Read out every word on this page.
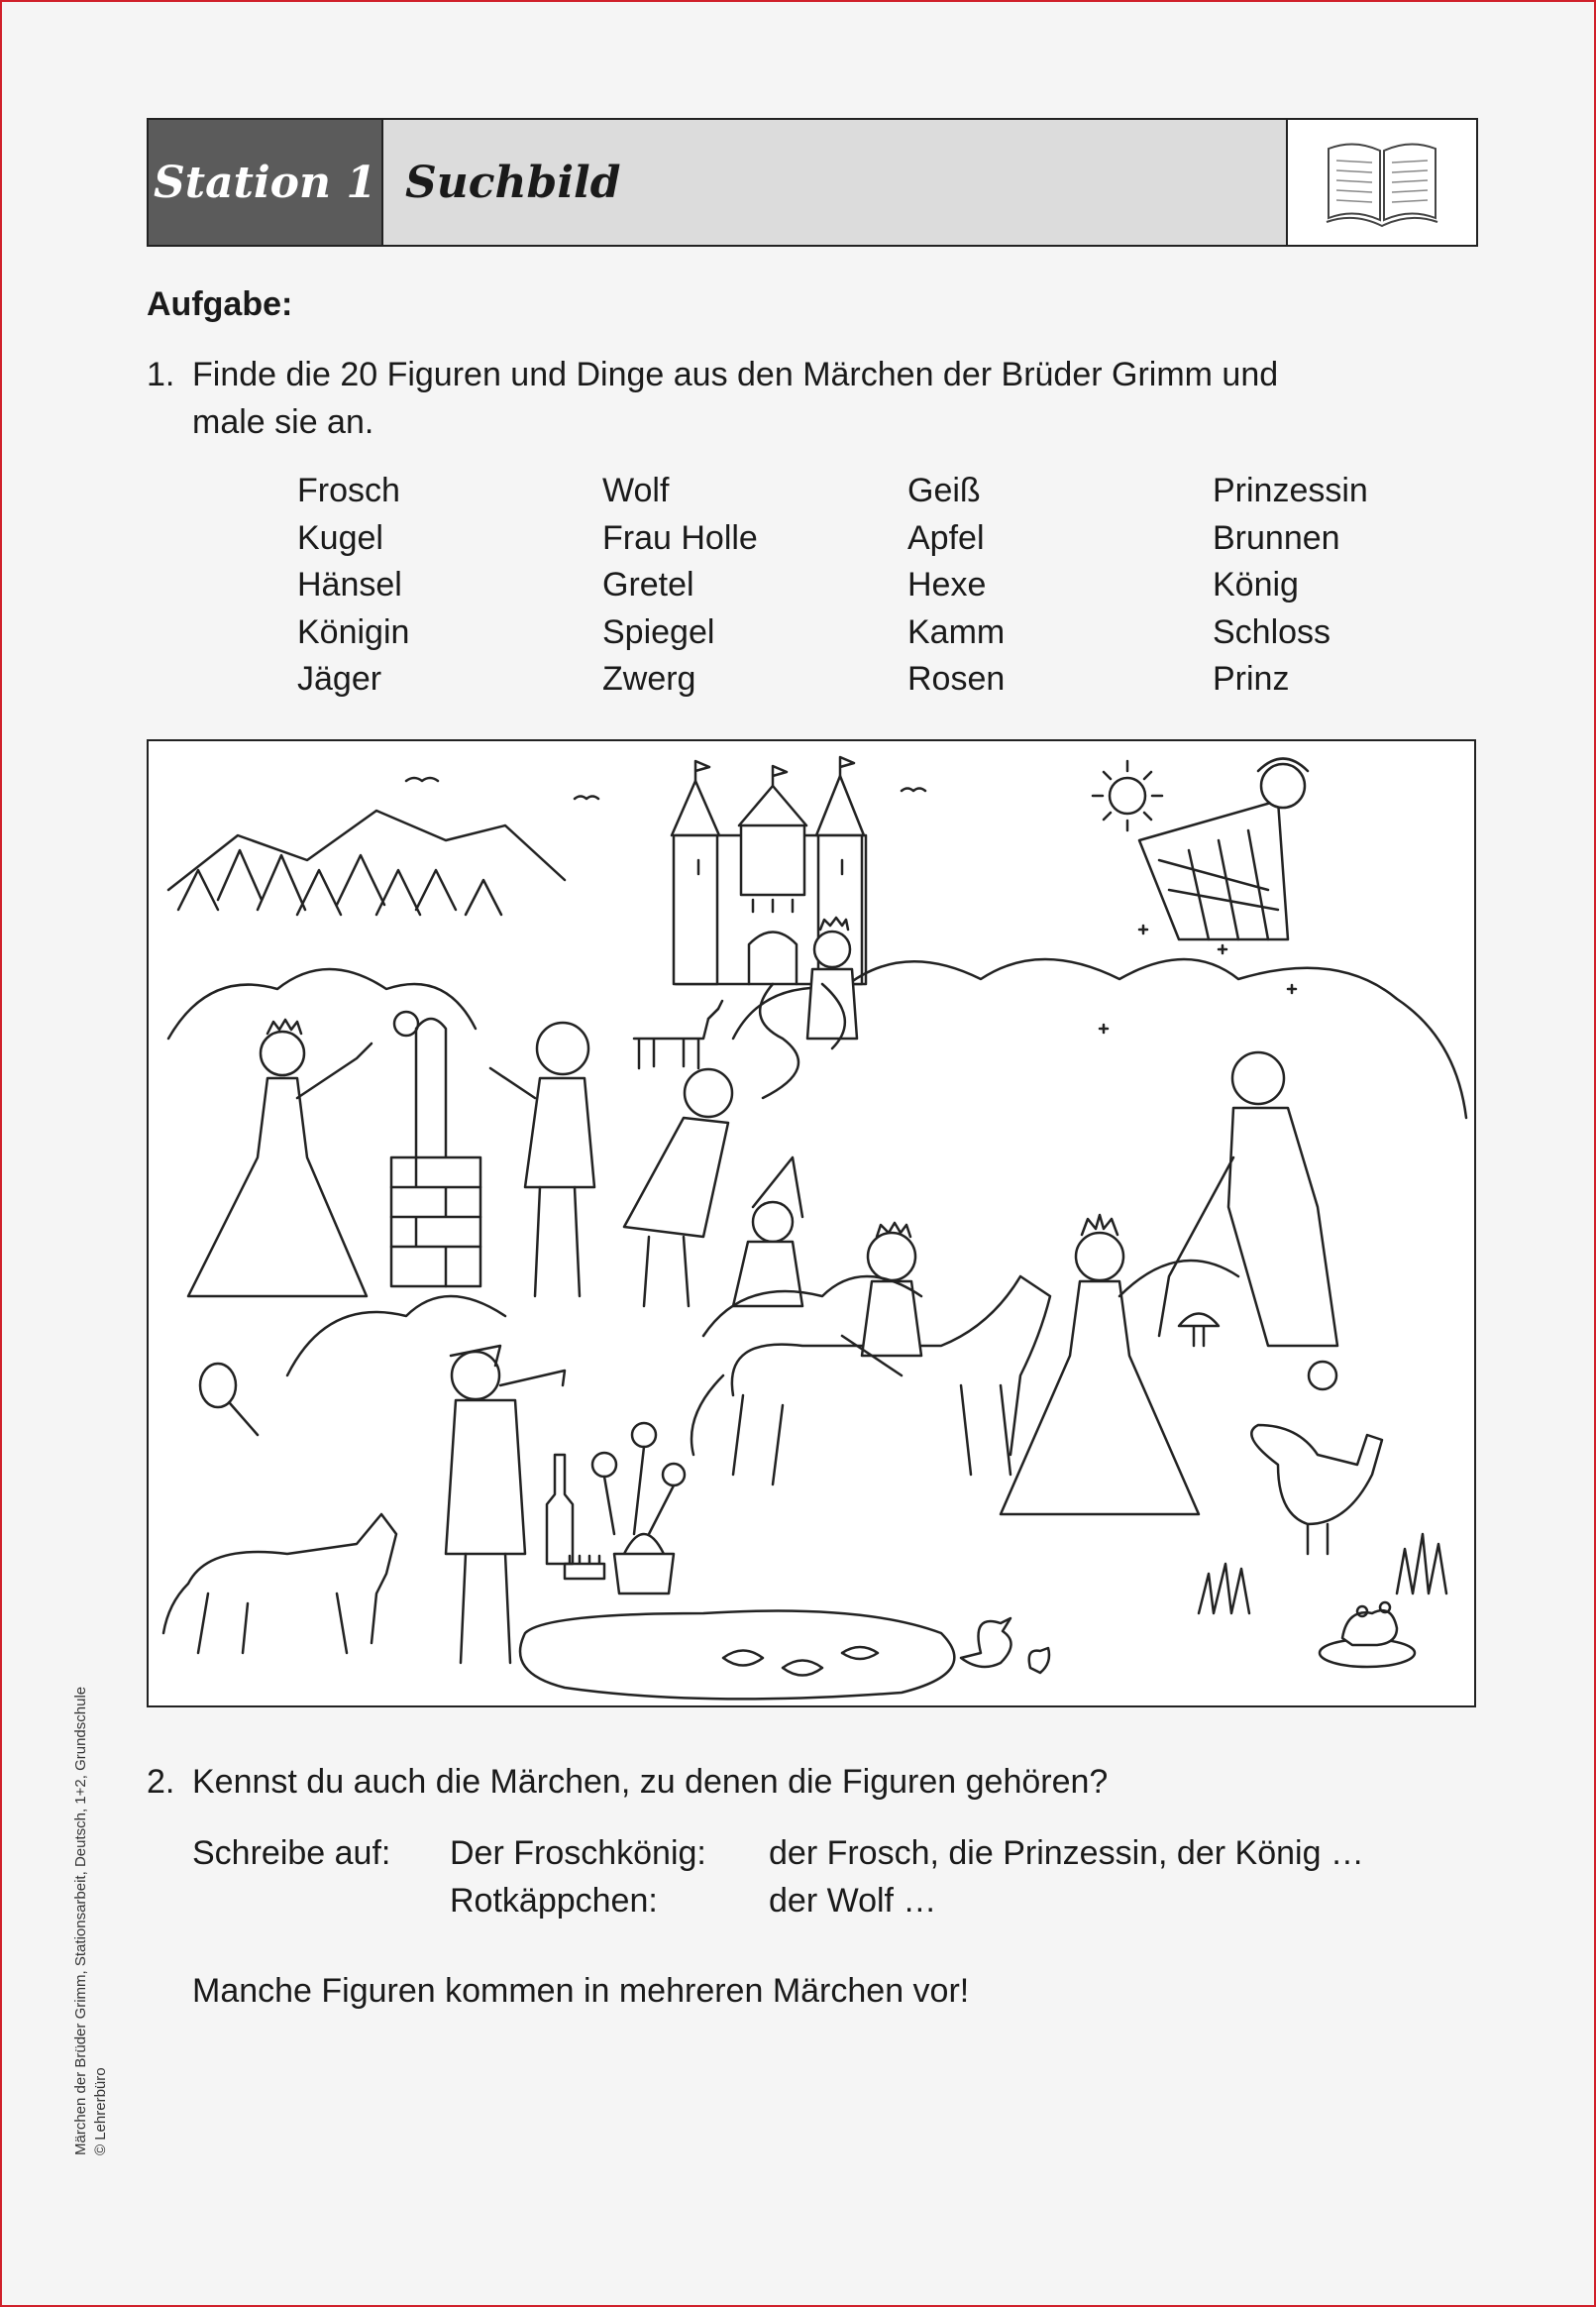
Station 1 Suchbild
Aufgabe:
1. Finde die 20 Figuren und Dinge aus den Märchen der Brüder Grimm und
male sie an.
Frosch	Wolf	Geiß	Prinzessin
Kugel	Frau Holle	Apfel	Brunnen
Hänsel	Gretel	Hexe	König
Königin	Spiegel	Kamm	Schloss
Jäger	Zwerg	Rosen	Prinz
2. Kennst du auch die Märchen, zu denen die Figuren gehören?
Schreibe auf: Der Froschkönig: der Frosch, die Prinzessin, der König …
Rotkäppchen:	der Wolf …
Manche Figuren kommen in mehreren Märchen vor!
Märchen der Brüder Grimm, Stationsarbeit, Deutsch, 1+2, Grundschule © Lehrerbüro
